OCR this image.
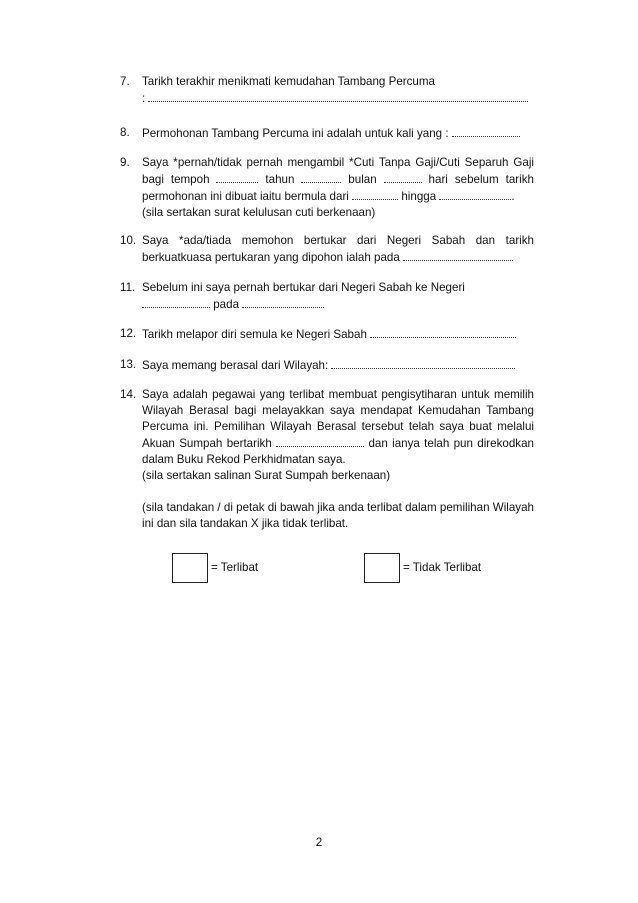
7.	Tarikh terakhir menikmati kemudahan Tambang Percuma
:
8.	Permohonan Tambang Percuma ini adalah untuk kali yang :
9.	Saya *pernah/tidak pernah mengambil *Cuti Tanpa Gaji/Cuti Separuh Gaji
bagi tempoh	tahun	bulan	hari sebelum tarikh
permohonan ini dibuat iaitu bermula dari	hingga	.
(sila sertakan surat kelulusan cuti berkenaan)
10. Saya *ada/tiada memohon bertukar dari Negeri Sabah dan tarikh
berkuatkuasa pertukaran yang dipohon ialah pada
11. Sebelum ini saya pernah bertukar dari Negeri Sabah ke Negeri
pada
12. Tarikh melapor diri semula ke Negeri Sabah
13. Saya memang berasal dari Wilayah:
14. Saya adalah pegawai yang terlibat membuat pengisytiharan untuk memilih
Wilayah Berasal bagi melayakkan saya mendapat Kemudahan Tambang
Percuma ini. Pemilihan Wilayah Berasal tersebut telah saya buat melalui
Akuan Sumpah bertarikh	dan ianya telah pun direkodkan
dalam Buku Rekod Perkhidmatan saya.
(sila sertakan salinan Surat Sumpah berkenaan)
(sila tandakan / di petak di bawah jika anda terlibat dalam pemilihan Wilayah
ini dan sila tandakan X jika tidak terlibat.
= Terlibat	= Tidak Terlibat
2
